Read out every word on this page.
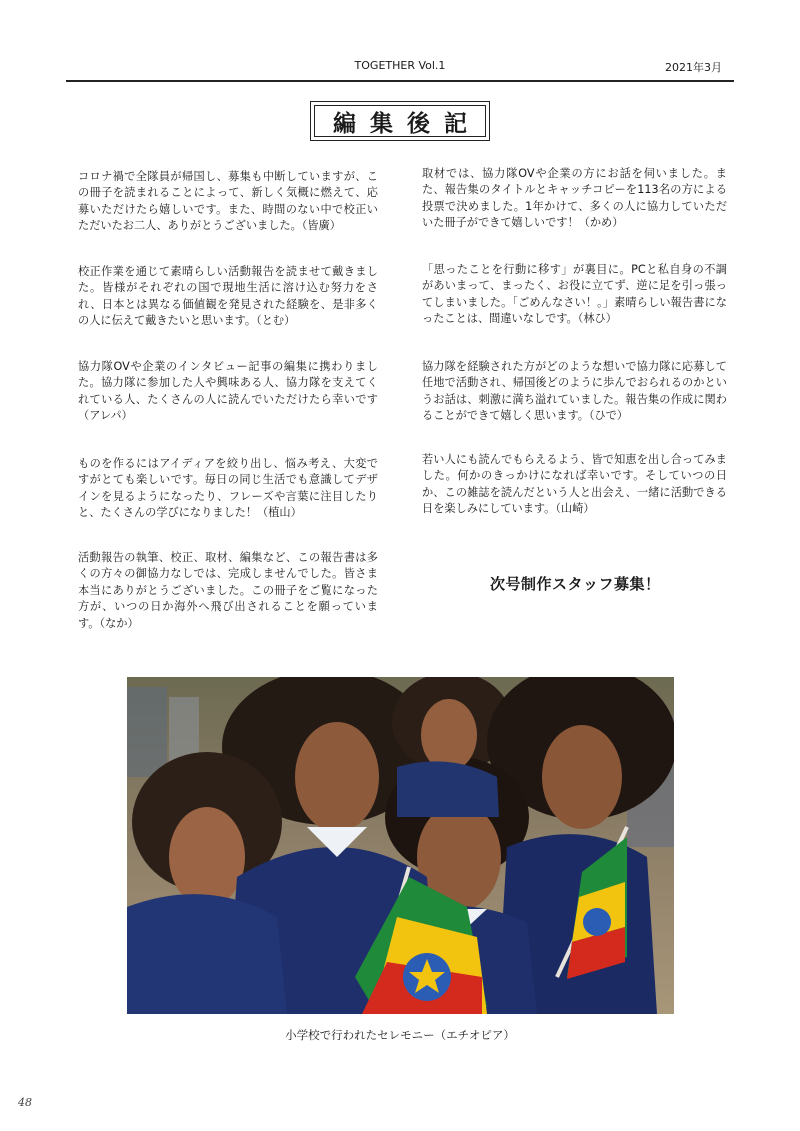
TOGETHER Vol.1	2021年3月
編集後記

コロナ禍で全隊員が帰国し、募集も中断していますが、この冊子を読まれることによって、新しく気概に燃えて、応募いただけたら嬉しいです。また、時間のない中で校正いただいたお二人、ありがとうございました。（皆廣）

取材では、協力隊OVや企業の方にお話を伺いました。また、報告集のタイトルとキャッチコピーを113名の方による投票で決めました。1年かけて、多くの人に協力していただいた冊子ができて嬉しいです！（かめ）

校正作業を通じて素晴らしい活動報告を読ませて戴きました。皆様がそれぞれの国で現地生活に溶け込む努力をされ、日本とは異なる価値観を発見された経験を、是非多くの人に伝えて戴きたいと思います。（とむ）

「思ったことを行動に移す」が裏目に。PCと私自身の不調があいまって、まったく、お役に立てず、逆に足を引っ張ってしまいました。「ごめんなさい！。」素晴らしい報告書になったことは、間違いなしです。（林ひ）

協力隊OVや企業のインタビュー記事の編集に携わりました。協力隊に参加した人や興味ある人、協力隊を支えてくれている人、たくさんの人に読んでいただけたら幸いです（アレパ）

協力隊を経験された方がどのような想いで協力隊に応募して任地で活動され、帰国後どのように歩んでおられるのかというお話は、刺激に満ち溢れていました。報告集の作成に関わることができて嬉しく思います。（ひで）

ものを作るにはアイディアを絞り出し、悩み考え、大変ですがとても楽しいです。毎日の同じ生活でも意識してデザインを見るようになったり、フレーズや言葉に注目したりと、たくさんの学びになりました！（植山）

若い人にも読んでもらえるよう、皆で知恵を出し合ってみました。何かのきっかけになれば幸いです。そしていつの日か、この雑誌を読んだという人と出会え、一緒に活動できる日を楽しみにしています。（山崎）

活動報告の執筆、校正、取材、編集など、この報告書は多くの方々の御協力なしでは、完成しませんでした。皆さま本当にありがとうございました。この冊子をご覧になった方が、いつの日か海外へ飛び出されることを願っています。（なか）

次号制作スタッフ募集！
小学校で行われたセレモニー（エチオピア）
48
